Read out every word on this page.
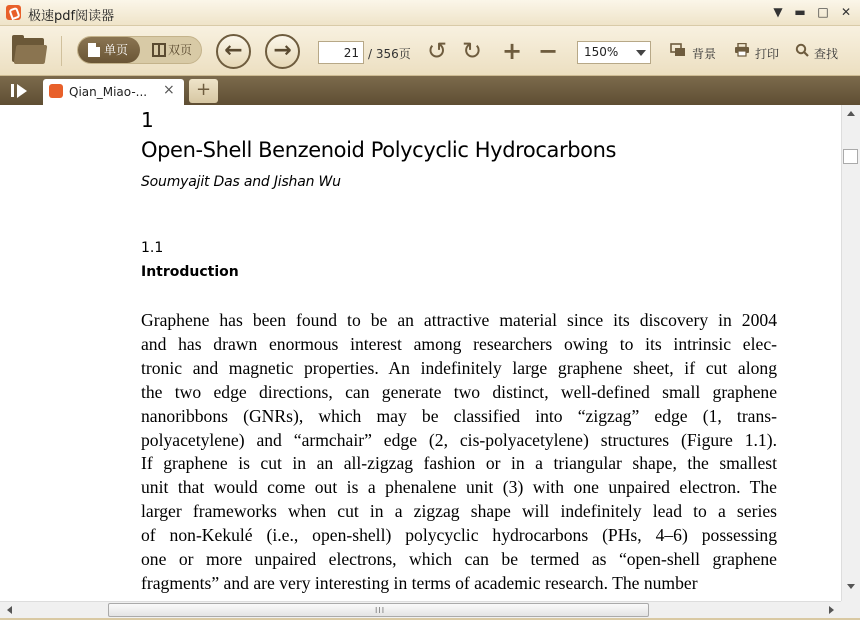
极速pdf阅读器	▼ ▬ □	✕
单页	双页	←	→
21	/ 356页 ↺ ↻ + −	150%	背景	打印	查找
Qian_Miao-... ×	+
1
Open-Shell Benzenoid Polycyclic Hydrocarbons
Soumyajit Das and Jishan Wu
1.1
Introduction
Graphene has been found to be an attractive material since its discovery in 2004
and has drawn enormous interest among researchers owing to its intrinsic elec-
tronic and magnetic properties. An indefinitely large graphene sheet, if cut along
the two edge directions, can generate two distinct, well-defined small graphene
nanoribbons (GNRs), which may be classified into “zigzag” edge (1, trans-
polyacetylene) and “armchair” edge (2, cis-polyacetylene) structures (Figure 1.1).
If graphene is cut in an all-zigzag fashion or in a triangular shape, the smallest
unit that would come out is a phenalene unit (3) with one unpaired electron. The
larger frameworks when cut in a zigzag shape will indefinitely lead to a series
of non-Kekulé (i.e., open-shell) polycyclic hydrocarbons (PHs, 4–6) possessing
one or more unpaired electrons, which can be termed as “open-shell graphene
fragments” and are very interesting in terms of academic research. The number
III
